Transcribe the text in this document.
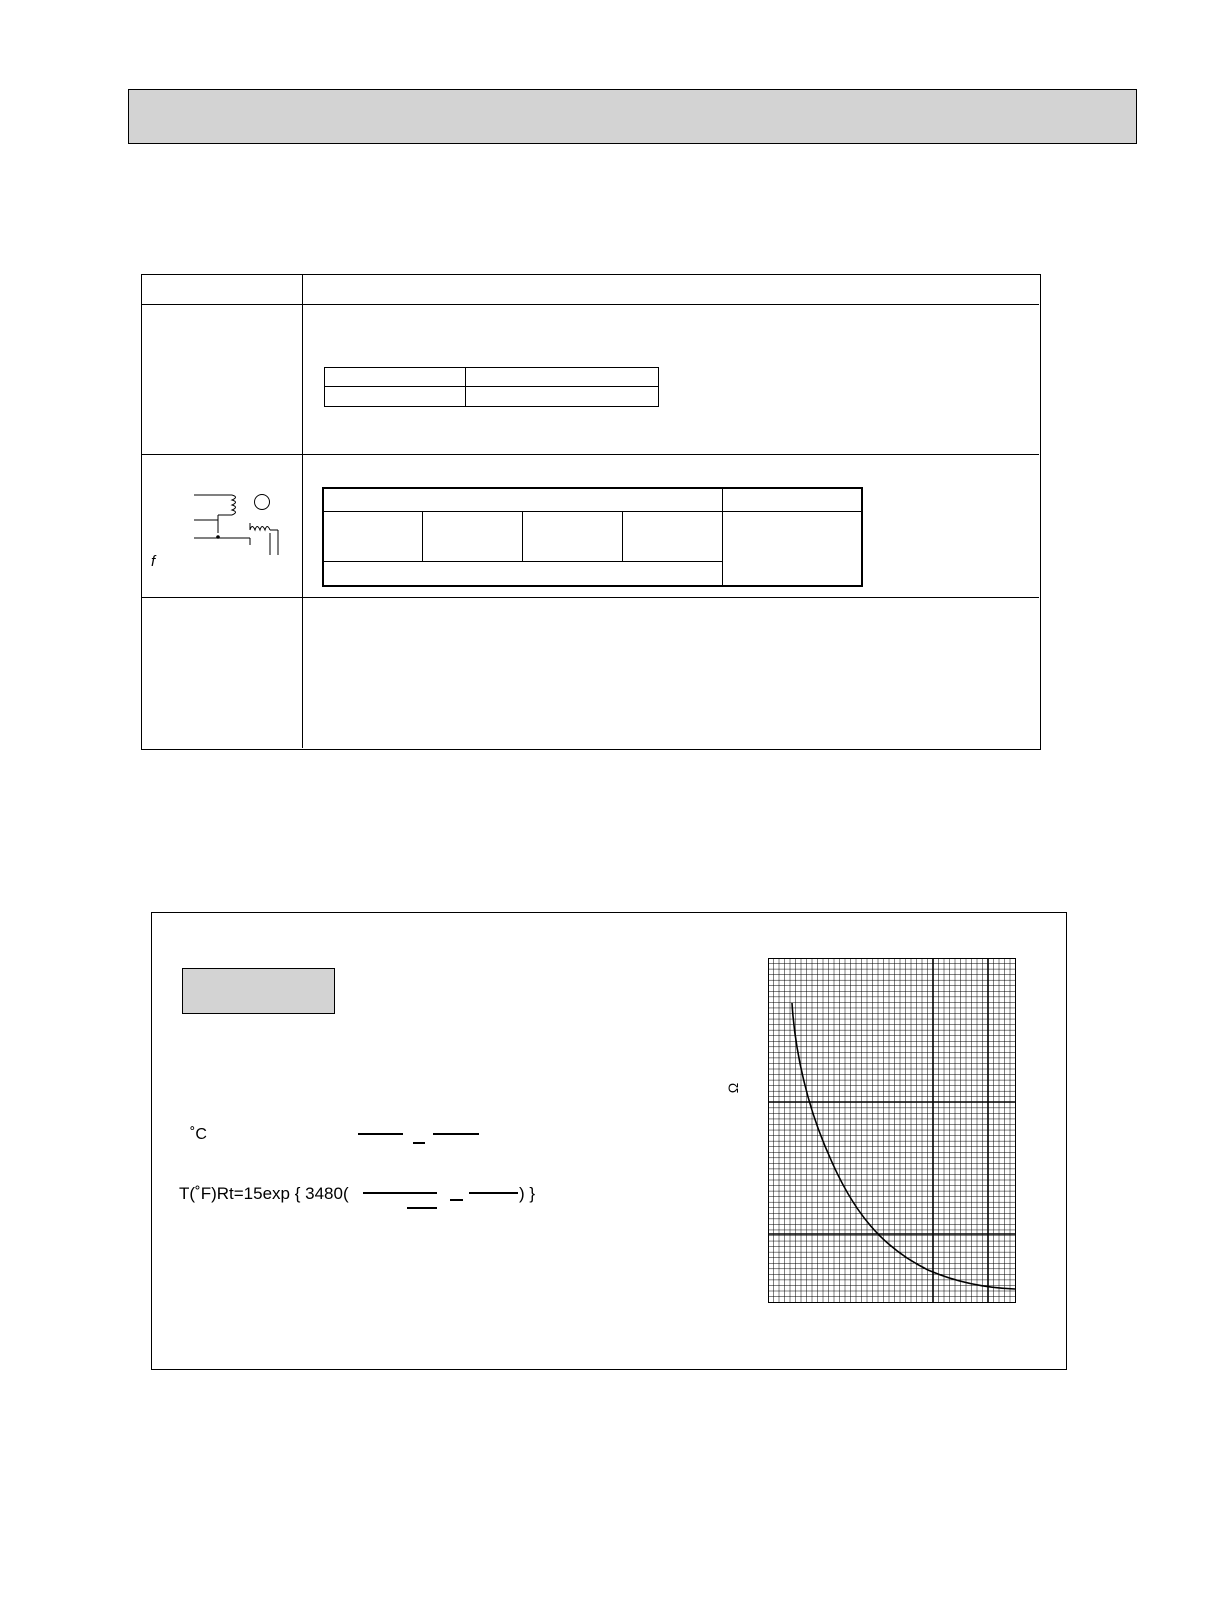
f
˚C
T(˚F)Rt=15exp { 3480(	) }
Ω
